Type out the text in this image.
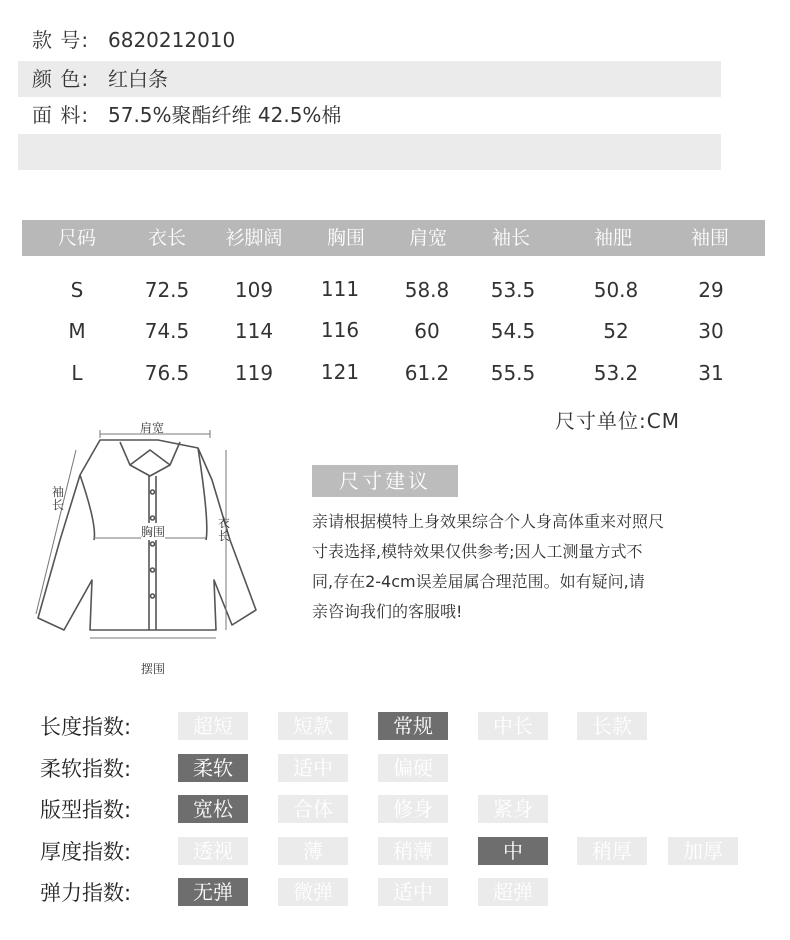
款 号: 6820212010
颜 色: 红白条
面 料: 57.5%聚酯纤维 42.5%棉
尺码	衣长 衫脚阔 胸围 肩宽 袖长	袖肥	袖围
S	72.5 109 111 58.8 53.5	50.8	29
M	74.5 114 116	60	54.5	52	30
L	76.5 119 121 61.2 55.5	53.2	31
尺寸单位:CM
肩宽
袖长
胸围
衣长
摆围
尺寸建议
亲请根据模特上身效果综合个人身高体重来对照尺
寸表选择,模特效果仅供参考;因人工测量方式不
同,存在2-4cm误差届属合理范围。如有疑问,请
亲咨询我们的客服哦!
长度指数:	超短	短款	常规	中长	长款
柔软指数:	柔软	适中	偏硬
版型指数:	宽松	合体	修身	紧身
厚度指数:	透视	薄	稍薄	中	稍厚	加厚
弹力指数:	无弹	微弹	适中	超弹
